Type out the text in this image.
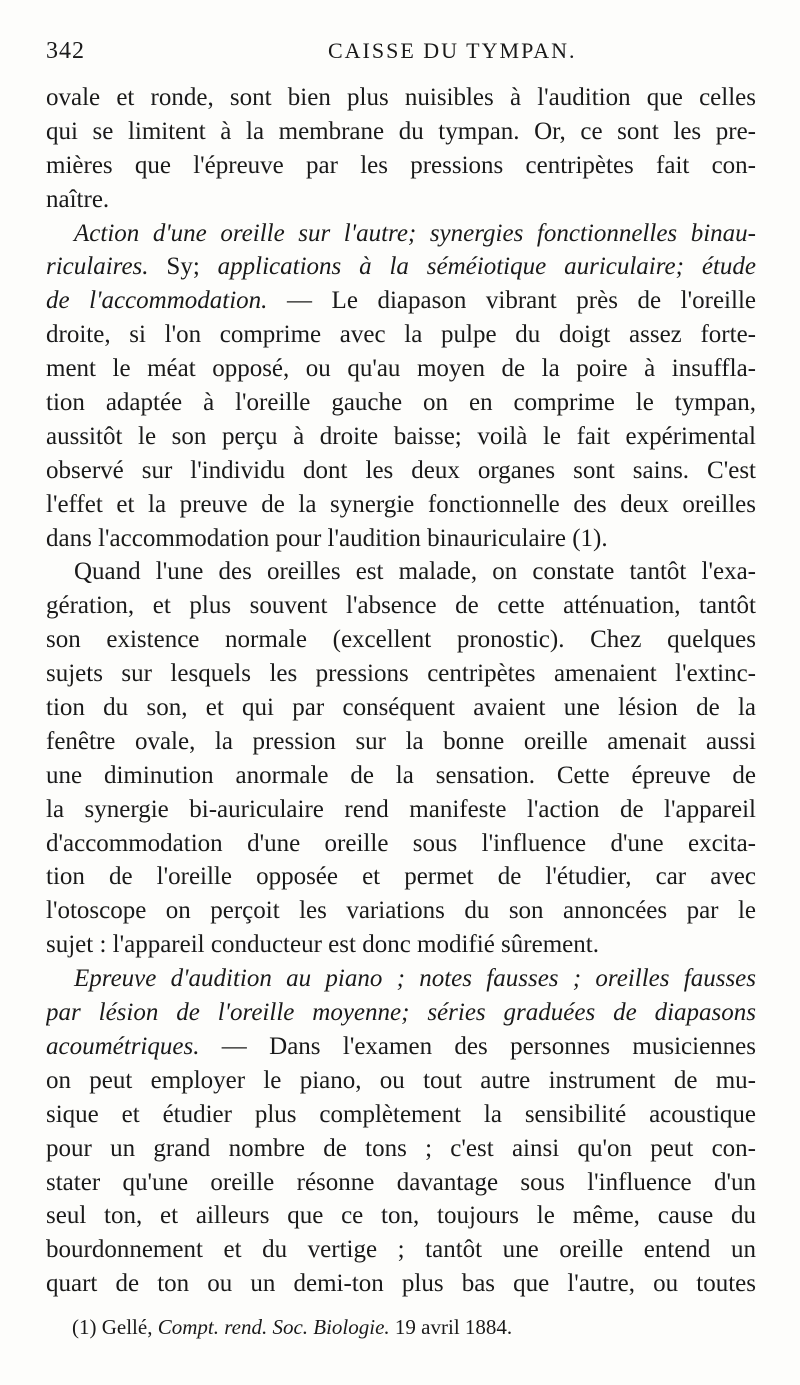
342	CAISSE DU TYMPAN.
ovale et ronde, sont bien plus nuisibles à l'audition que celles
qui se limitent à la membrane du tympan. Or, ce sont les pre-
mières que l'épreuve par les pressions centripètes fait con-
naître.
Action d'une oreille sur l'autre; synergies fonctionnelles binau-
riculaires. Sy; applications à la séméiotique auriculaire; étude
de l'accommodation. — Le diapason vibrant près de l'oreille
droite, si l'on comprime avec la pulpe du doigt assez forte-
ment le méat opposé, ou qu'au moyen de la poire à insuffla-
tion adaptée à l'oreille gauche on en comprime le tympan,
aussitôt le son perçu à droite baisse; voilà le fait expérimental
observé sur l'individu dont les deux organes sont sains. C'est
l'effet et la preuve de la synergie fonctionnelle des deux oreilles
dans l'accommodation pour l'audition binauriculaire (1).
Quand l'une des oreilles est malade, on constate tantôt l'exa-
gération, et plus souvent l'absence de cette atténuation, tantôt
son existence normale (excellent pronostic). Chez quelques
sujets sur lesquels les pressions centripètes amenaient l'extinc-
tion du son, et qui par conséquent avaient une lésion de la
fenêtre ovale, la pression sur la bonne oreille amenait aussi
une diminution anormale de la sensation. Cette épreuve de
la synergie bi-auriculaire rend manifeste l'action de l'appareil
d'accommodation d'une oreille sous l'influence d'une excita-
tion de l'oreille opposée et permet de l'étudier, car avec
l'otoscope on perçoit les variations du son annoncées par le
sujet : l'appareil conducteur est donc modifié sûrement.
Epreuve d'audition au piano ; notes fausses ; oreilles fausses
par lésion de l'oreille moyenne; séries graduées de diapasons
acoumétriques. — Dans l'examen des personnes musiciennes
on peut employer le piano, ou tout autre instrument de mu-
sique et étudier plus complètement la sensibilité acoustique
pour un grand nombre de tons ; c'est ainsi qu'on peut con-
stater qu'une oreille résonne davantage sous l'influence d'un
seul ton, et ailleurs que ce ton, toujours le même, cause du
bourdonnement et du vertige ; tantôt une oreille entend un
quart de ton ou un demi-ton plus bas que l'autre, ou toutes
(1) Gellé, Compt. rend. Soc. Biologie. 19 avril 1884.
